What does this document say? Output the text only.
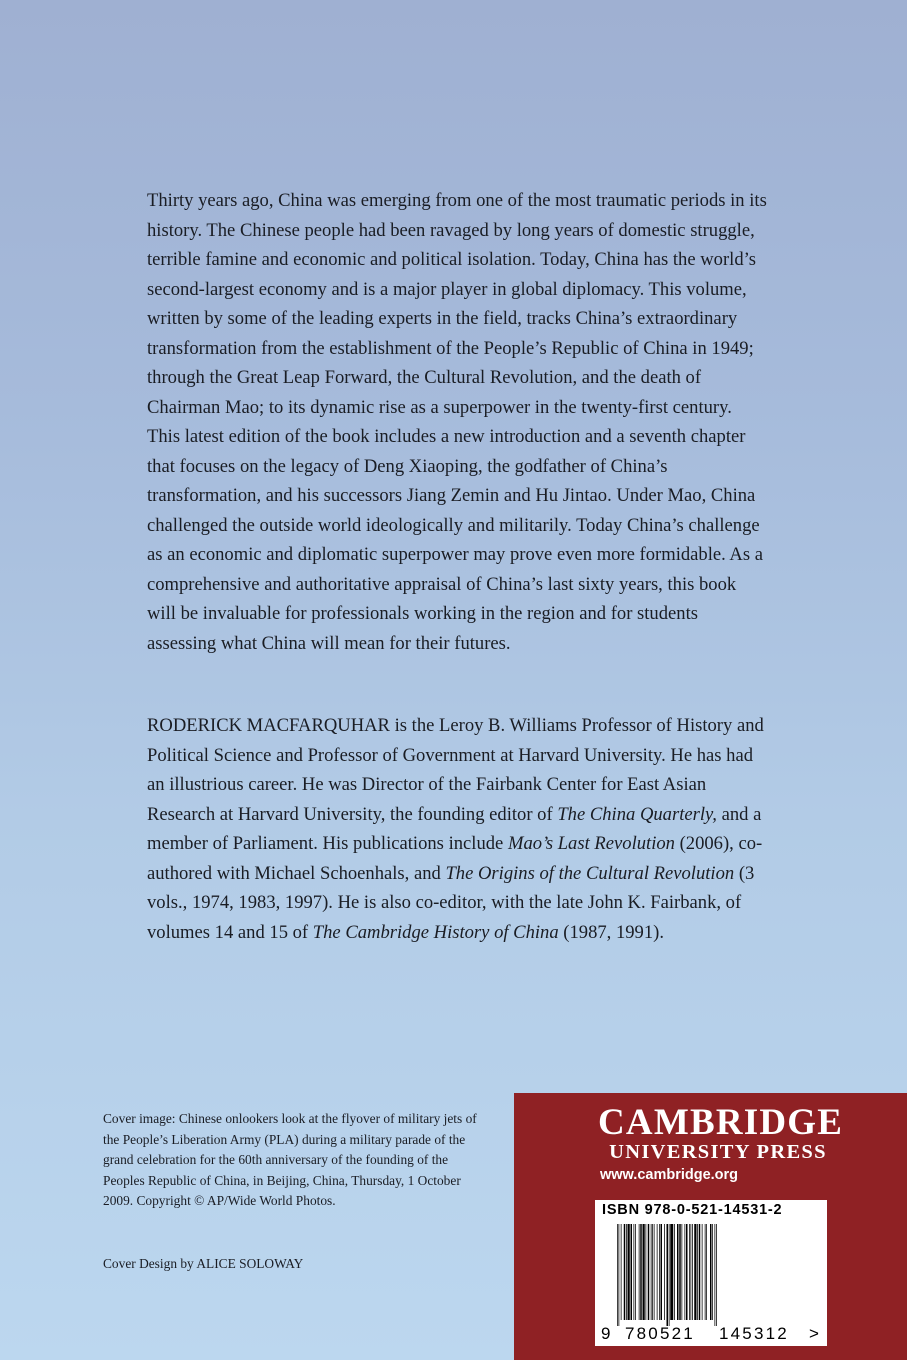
Thirty years ago, China was emerging from one of the most traumatic periods in its history. The Chinese people had been ravaged by long years of domestic struggle, terrible famine and economic and political isolation. Today, China has the world’s second-largest economy and is a major player in global diplomacy. This volume, written by some of the leading experts in the field, tracks China’s extraordinary transformation from the establishment of the People’s Republic of China in 1949; through the Great Leap Forward, the Cultural Revolution, and the death of Chairman Mao; to its dynamic rise as a superpower in the twenty-first century. This latest edition of the book includes a new introduction and a seventh chapter that focuses on the legacy of Deng Xiaoping, the godfather of China’s transformation, and his successors Jiang Zemin and Hu Jintao. Under Mao, China challenged the outside world ideologically and militarily. Today China’s challenge as an economic and diplomatic superpower may prove even more formidable. As a comprehensive and authoritative appraisal of China’s last sixty years, this book will be invaluable for professionals working in the region and for students assessing what China will mean for their futures.

RODERICK MACFARQUHAR is the Leroy B. Williams Professor of History and Political Science and Professor of Government at Harvard University. He has had an illustrious career. He was Director of the Fairbank Center for East Asian Research at Harvard University, the founding editor of The China Quarterly, and a member of Parliament. His publications include Mao’s Last Revolution (2006), co-authored with Michael Schoenhals, and The Origins of the Cultural Revolution (3 vols., 1974, 1983, 1997). He is also co-editor, with the late John K. Fairbank, of volumes 14 and 15 of The Cambridge History of China (1987, 1991).

Cover image: Chinese onlookers look at the flyover of military jets of the People’s Liberation Army (PLA) during a military parade of the grand celebration for the 60th anniversary of the founding of the Peoples Republic of China, in Beijing, China, Thursday, 1 October 2009. Copyright © AP/Wide World Photos.

Cover Design by ALICE SOLOWAY

CAMBRIDGE
UNIVERSITY PRESS
www.cambridge.org
ISBN 978-0-521-14531-2
9 780521 145312 >
